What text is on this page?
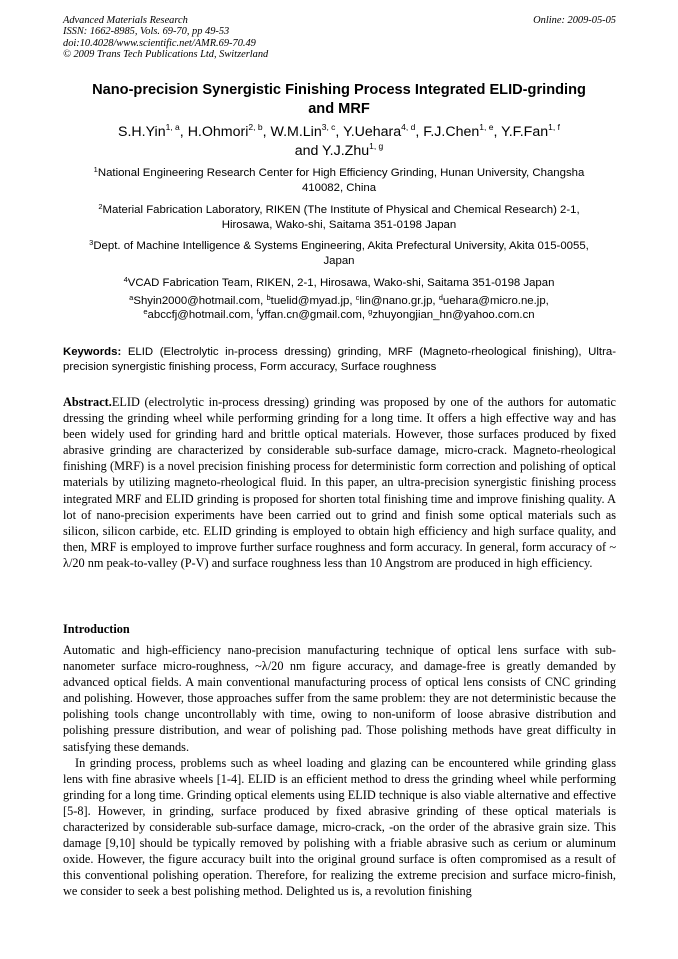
Advanced Materials Research
ISSN: 1662-8985, Vols. 69-70, pp 49-53
doi:10.4028/www.scientific.net/AMR.69-70.49
© 2009 Trans Tech Publications Ltd, Switzerland
Online: 2009-05-05
Nano-precision Synergistic Finishing Process Integrated ELID-grinding
and MRF
S.H.Yin$^{1, a}$, H.Ohmori$^{2, b}$, W.M.Lin$^{3, c}$, Y.Uehara$^{4, d}$, F.J.Chen$^{1, e}$, Y.F.Fan$^{1, f}$
and Y.J.Zhu$^{1, g}$
$^1$National Engineering Research Center for High Efficiency Grinding, Hunan University, Changsha
410082, China
$^2$Material Fabrication Laboratory, RIKEN (The Institute of Physical and Chemical Research) 2-1,
Hirosawa, Wako-shi, Saitama 351-0198 Japan
$^3$Dept. of Machine Intelligence & Systems Engineering, Akita Prefectural University, Akita 015-0055,
Japan
$^4$VCAD Fabrication Team, RIKEN, 2-1, Hirosawa, Wako-shi, Saitama 351-0198 Japan
$^a$Shyin2000@hotmail.com, $^b$tuelid@myad.jp, $^c$lin@nano.gr.jp, $^d$uehara@micro.ne.jp,
$^e$abccfj@hotmail.com, $^f$yffan.cn@gmail.com, $^g$zhuyongjian_hn@yahoo.com.cn
Keywords: ELID (Electrolytic in-process dressing) grinding, MRF (Magneto-rheological finishing), Ultra- precision synergistic finishing process, Form accuracy, Surface roughness
Abstract.ELID (electrolytic in-process dressing) grinding was proposed by one of the authors for automatic dressing the grinding wheel while performing grinding for a long time. It offers a high effective way and has been widely used for grinding hard and brittle optical materials. However, those surfaces produced by fixed abrasive grinding are characterized by considerable sub-surface damage, micro-crack. Magneto-rheological finishing (MRF) is a novel precision finishing process for deterministic form correction and polishing of optical materials by utilizing magneto-rheological fluid. In this paper, an ultra-precision synergistic finishing process integrated MRF and ELID grinding is proposed for shorten total finishing time and improve finishing quality. A lot of nano-precision experiments have been carried out to grind and finish some optical materials such as silicon, silicon carbide, etc. ELID grinding is employed to obtain high efficiency and high surface quality, and then, MRF is employed to improve further surface roughness and form accuracy. In general, form accuracy of ~ λ/20 nm peak-to-valley (P-V) and surface roughness less than 10 Angstrom are produced in high efficiency.
Introduction

Automatic and high-efficiency nano-precision manufacturing technique of optical lens surface with sub-nanometer surface micro-roughness, ~λ/20 nm figure accuracy, and damage-free is greatly demanded by advanced optical fields. A main conventional manufacturing process of optical lens consists of CNC grinding and polishing. However, those approaches suffer from the same problem: they are not deterministic because the polishing tools change uncontrollably with time, owing to non-uniform of loose abrasive distribution and polishing pressure distribution, and wear of polishing pad. Those polishing methods have great difficulty in satisfying these demands.

In grinding process, problems such as wheel loading and glazing can be encountered while grinding glass lens with fine abrasive wheels [1-4]. ELID is an efficient method to dress the grinding wheel while performing grinding for a long time. Grinding optical elements using ELID technique is also viable alternative and effective [5-8]. However, in grinding, surface produced by fixed abrasive grinding of these optical materials is characterized by considerable sub-surface damage, micro-crack, -on the order of the abrasive grain size. This damage [9,10] should be typically removed by polishing with a friable abrasive such as cerium or aluminum oxide. However, the figure accuracy built into the original ground surface is often compromised as a result of this conventional polishing operation. Therefore, for realizing the extreme precision and surface micro-finish, we consider to seek a best polishing method. Delighted us is, a revolution finishing
